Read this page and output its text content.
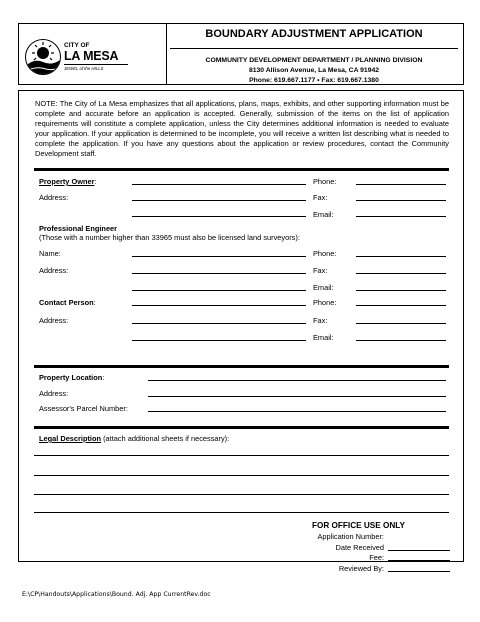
CITY OF
LA MESA
JEWEL of the HILLS
BOUNDARY ADJUSTMENT APPLICATION
COMMUNITY DEVELOPMENT DEPARTMENT / PLANNING DIVISION
8130 Allison Avenue, La Mesa, CA 91942
Phone: 619.667.1177 • Fax: 619.667.1380
NOTE: The City of La Mesa emphasizes that all applications, plans, maps, exhibits, and other supporting information must be complete and accurate before an application is accepted. Generally, submission of the items on the list of application requirements will constitute a complete application, unless the City determines additional information is needed to evaluate your application. If your application is determined to be incomplete, you will receive a written list describing what is needed to complete the application. If you have any questions about the application or review procedures, contact the Community Development staff.
Property Owner:	Phone:
Address:	Fax:
Email:
Professional Engineer
(Those with a number higher than 33965 must also be licensed land surveyors):
Name:	Phone:
Address:	Fax:
Email:
Contact Person:	Phone:
Address:	Fax:
Email:
Property Location:
Address:
Assessor's Parcel Number:
Legal Description (attach additional sheets if necessary):
FOR OFFICE USE ONLY
Application Number:
Date Received
Fee:
Reviewed By:
E:\CP\Handouts\Applications\Bound. Adj. App CurrentRev.doc
